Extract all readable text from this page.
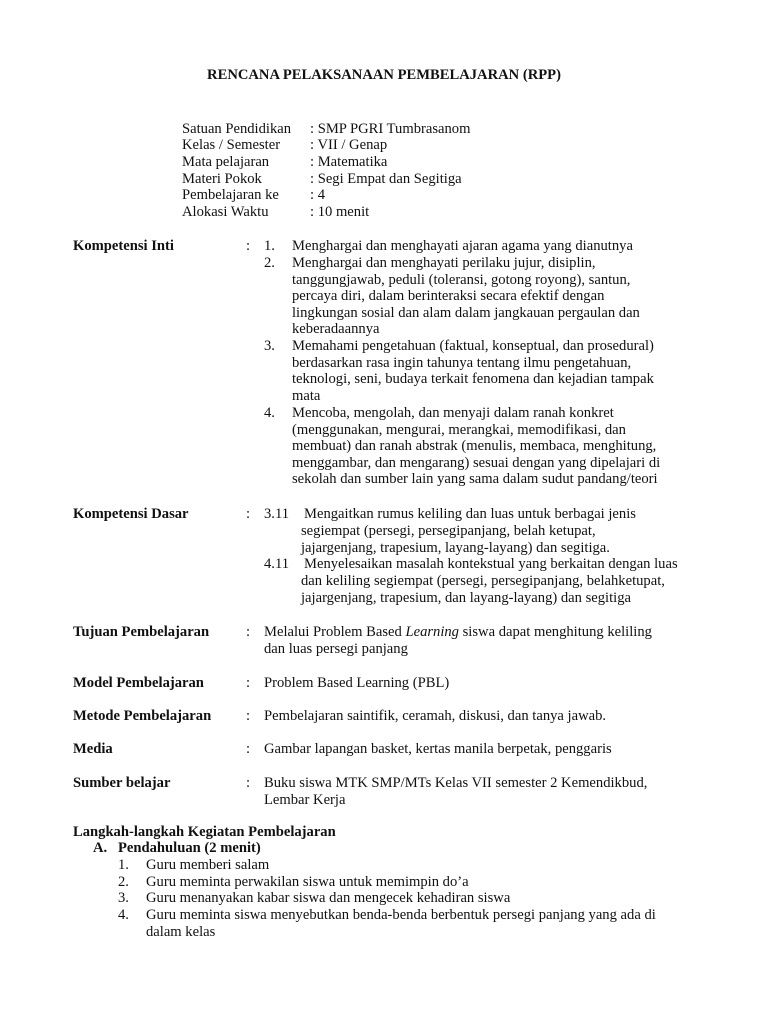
RENCANA PELAKSANAAN PEMBELAJARAN (RPP)
Satuan Pendidikan : SMP PGRI Tumbrasanom
Kelas / Semester : VII / Genap
Mata pelajaran	: Matematika
Materi Pokok	: Segi Empat dan Segitiga
Pembelajaran ke : 4
Alokasi Waktu	: 10 menit
Kompetensi Inti	: 1. Menghargai dan menghayati ajaran agama yang dianutnya
2. Menghargai dan menghayati perilaku jujur, disiplin,
tanggungjawab, peduli (toleransi, gotong royong), santun,
percaya diri, dalam berinteraksi secara efektif dengan
lingkungan sosial dan alam dalam jangkauan pergaulan dan
keberadaannya
3. Memahami pengetahuan (faktual, konseptual, dan prosedural)
berdasarkan rasa ingin tahunya tentang ilmu pengetahuan,
teknologi, seni, budaya terkait fenomena dan kejadian tampak
mata
4. Mencoba, mengolah, dan menyaji dalam ranah konkret
(menggunakan, mengurai, merangkai, memodifikasi, dan
membuat) dan ranah abstrak (menulis, membaca, menghitung,
menggambar, dan mengarang) sesuai dengan yang dipelajari di
sekolah dan sumber lain yang sama dalam sudut pandang/teori
Kompetensi Dasar	: 3.11 Mengaitkan rumus keliling dan luas untuk berbagai jenis
segiempat (persegi, persegipanjang, belah ketupat,
jajargenjang, trapesium, layang-layang) dan segitiga.
4.11 Menyelesaikan masalah kontekstual yang berkaitan dengan luas
dan keliling segiempat (persegi, persegipanjang, belahketupat,
jajargenjang, trapesium, dan layang-layang) dan segitiga
Tujuan Pembelajaran	: Melalui Problem Based Learning siswa dapat menghitung keliling
dan luas persegi panjang
Model Pembelajaran	: Problem Based Learning (PBL)
Metode Pembelajaran : Pembelajaran saintifik, ceramah, diskusi, dan tanya jawab.
Media	: Gambar lapangan basket, kertas manila berpetak, penggaris
Sumber belajar	: Buku siswa MTK SMP/MTs Kelas VII semester 2 Kemendikbud,
Lembar Kerja
Langkah-langkah Kegiatan Pembelajaran
A. Pendahuluan (2 menit)
1. Guru memberi salam
2. Guru meminta perwakilan siswa untuk memimpin do’a
3. Guru menanyakan kabar siswa dan mengecek kehadiran siswa
4. Guru meminta siswa menyebutkan benda-benda berbentuk persegi panjang yang ada di
dalam kelas
